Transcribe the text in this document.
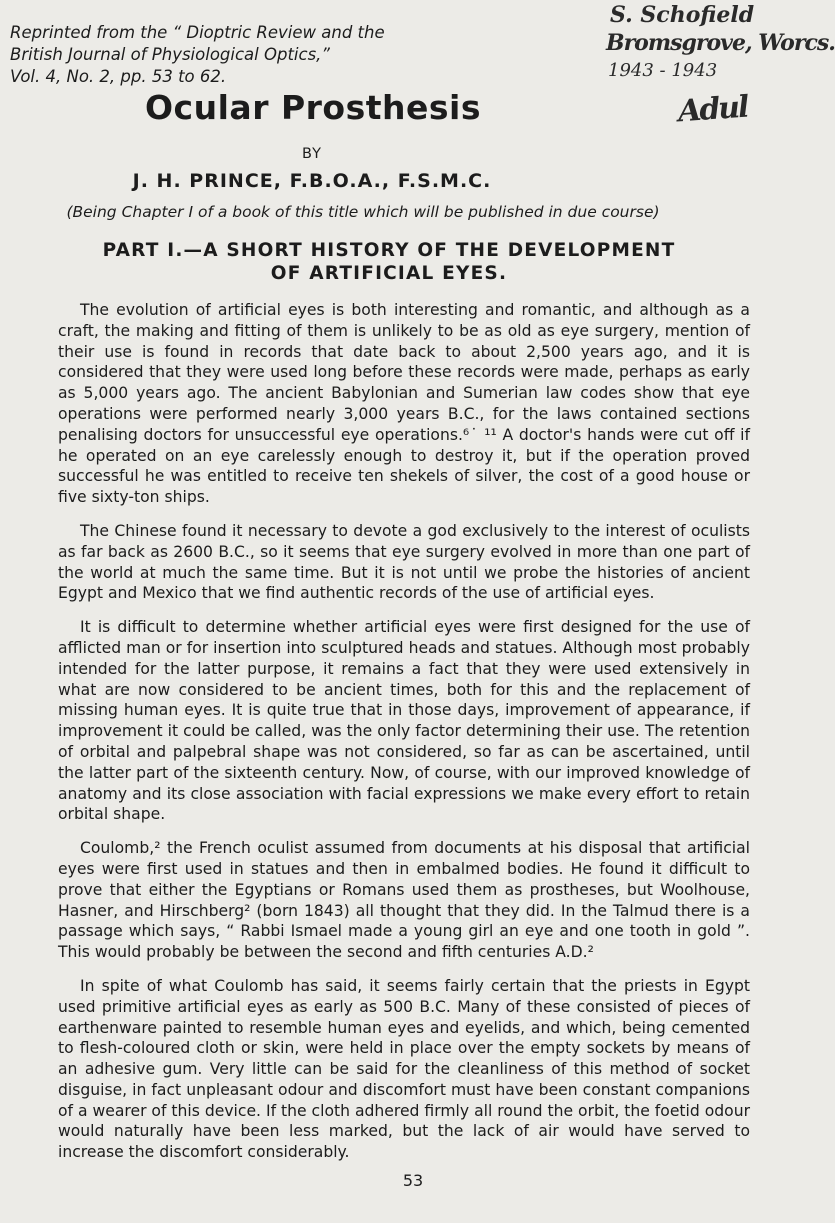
Reprinted from the “ Dioptric Review and the
British Journal of Physiological Optics,”
Vol. 4, No. 2, pp. 53 to 62.
S. Schofield
Bromsgrove, Worcs.
1943 - 1943
Adul
Ocular Prosthesis
BY
J. H. PRINCE, F.B.O.A., F.S.M.C.
(Being Chapter I of a book of this title which will be published in due course)
PART I.—A SHORT HISTORY OF THE DEVELOPMENT
OF ARTIFICIAL EYES.

The evolution of artificial eyes is both interesting and romantic, and although as a craft, the making and fitting of them is unlikely to be as old as eye surgery, mention of their use is found in records that date back to about 2,500 years ago, and it is considered that they were used long before these records were made, perhaps as early as 5,000 years ago. The ancient Babylonian and Sumerian law codes show that eye operations were performed nearly 3,000 years B.C., for the laws contained sections penalising doctors for unsuccessful eye operations.⁶˙ ¹¹ A doctor's hands were cut off if he operated on an eye carelessly enough to destroy it, but if the operation proved successful he was entitled to receive ten shekels of silver, the cost of a good house or five sixty-ton ships.

The Chinese found it necessary to devote a god exclusively to the interest of oculists as far back as 2600 B.C., so it seems that eye surgery evolved in more than one part of the world at much the same time. But it is not until we probe the histories of ancient Egypt and Mexico that we find authentic records of the use of artificial eyes.

It is difficult to determine whether artificial eyes were first designed for the use of afflicted man or for insertion into sculptured heads and statues. Although most probably intended for the latter purpose, it remains a fact that they were used extensively in what are now considered to be ancient times, both for this and the replacement of missing human eyes. It is quite true that in those days, improvement of appearance, if improvement it could be called, was the only factor determining their use. The retention of orbital and palpebral shape was not considered, so far as can be ascertained, until the latter part of the sixteenth century. Now, of course, with our improved knowledge of anatomy and its close association with facial expressions we make every effort to retain orbital shape.

Coulomb,² the French oculist assumed from documents at his disposal that artificial eyes were first used in statues and then in embalmed bodies. He found it difficult to prove that either the Egyptians or Romans used them as prostheses, but Woolhouse, Hasner, and Hirschberg² (born 1843) all thought that they did. In the Talmud there is a passage which says, “ Rabbi Ismael made a young girl an eye and one tooth in gold ”. This would probably be between the second and fifth centuries A.D.²

In spite of what Coulomb has said, it seems fairly certain that the priests in Egypt used primitive artificial eyes as early as 500 B.C. Many of these consisted of pieces of earthenware painted to resemble human eyes and eyelids, and which, being cemented to flesh-coloured cloth or skin, were held in place over the empty sockets by means of an adhesive gum. Very little can be said for the cleanliness of this method of socket disguise, in fact unpleasant odour and discomfort must have been constant companions of a wearer of this device. If the cloth adhered firmly all round the orbit, the foetid odour would naturally have been less marked, but the lack of air would have served to increase the discomfort considerably.

53
